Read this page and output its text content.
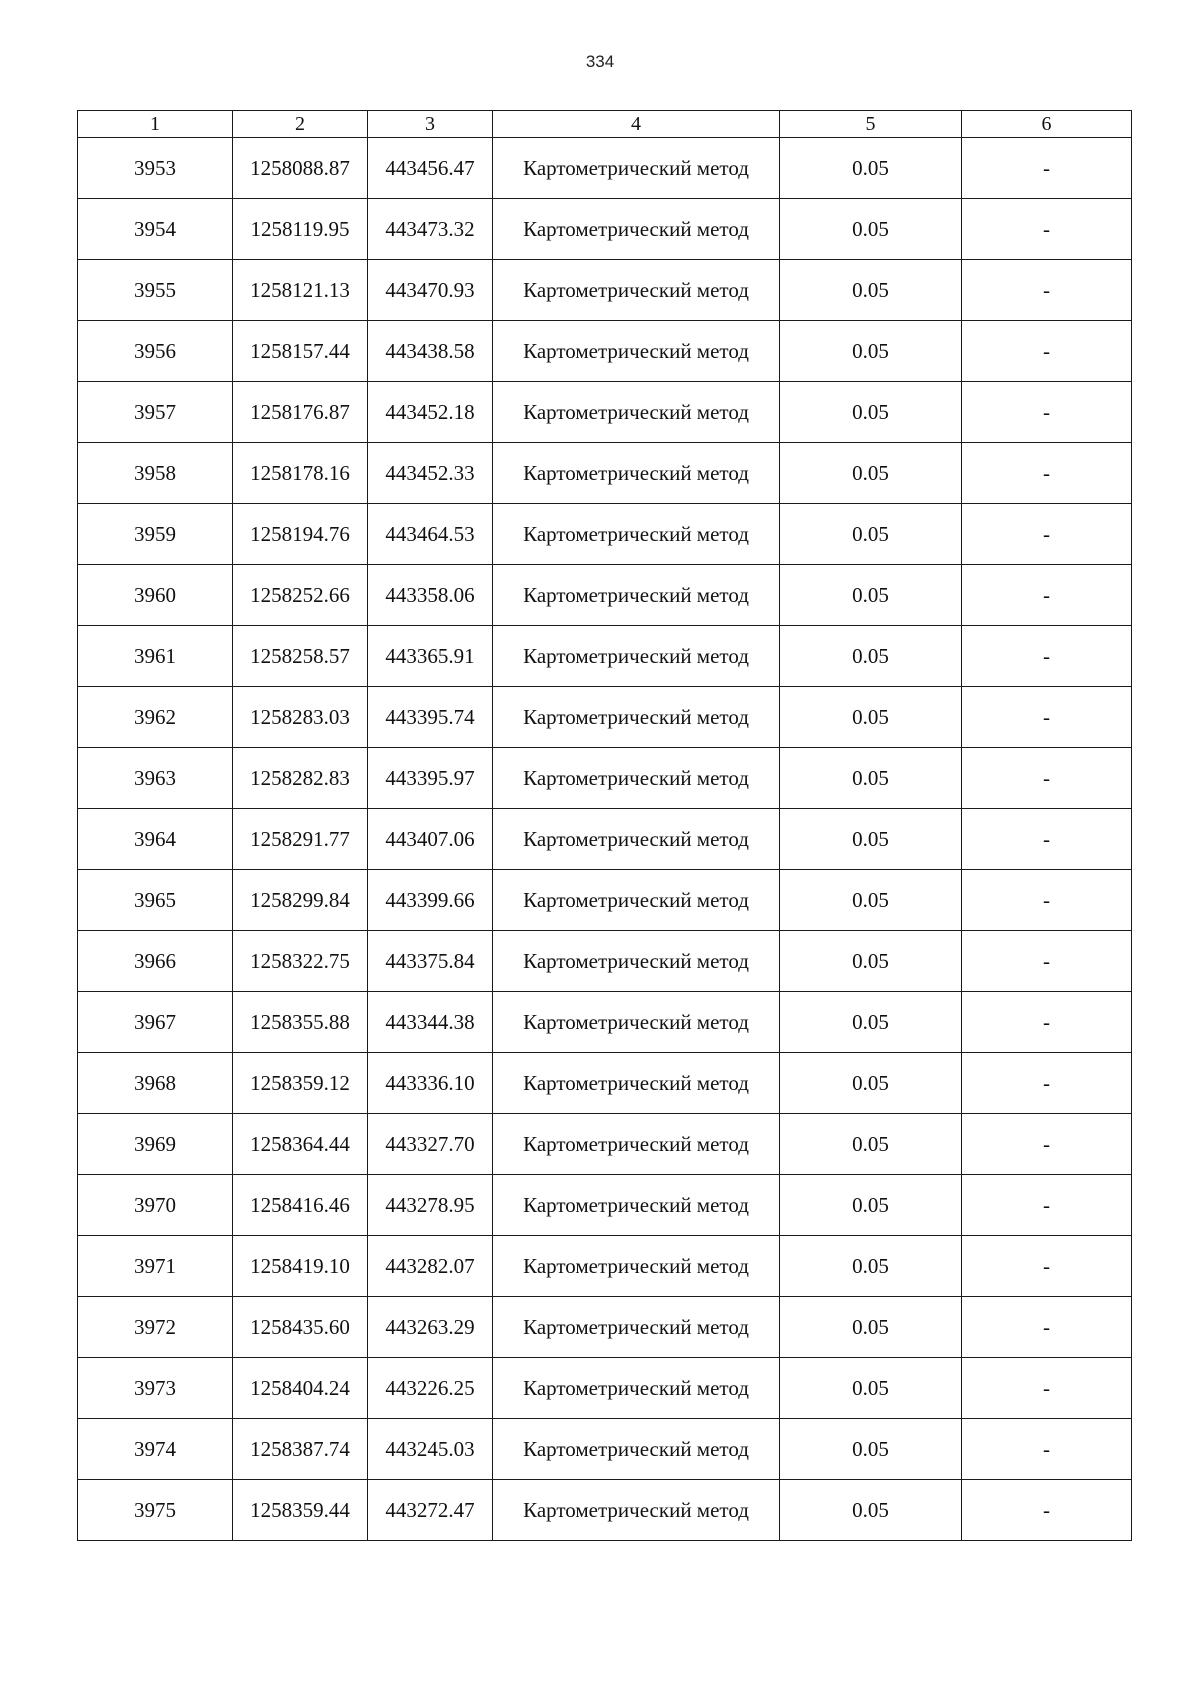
334
1	2	3	4	5	6
3953	1258088.87	443456.47	Картометрический метод	0.05	-
3954	1258119.95	443473.32	Картометрический метод	0.05	-
3955	1258121.13	443470.93	Картометрический метод	0.05	-
3956	1258157.44	443438.58	Картометрический метод	0.05	-
3957	1258176.87	443452.18	Картометрический метод	0.05	-
3958	1258178.16	443452.33	Картометрический метод	0.05	-
3959	1258194.76	443464.53	Картометрический метод	0.05	-
3960	1258252.66	443358.06	Картометрический метод	0.05	-
3961	1258258.57	443365.91	Картометрический метод	0.05	-
3962	1258283.03	443395.74	Картометрический метод	0.05	-
3963	1258282.83	443395.97	Картометрический метод	0.05	-
3964	1258291.77	443407.06	Картометрический метод	0.05	-
3965	1258299.84	443399.66	Картометрический метод	0.05	-
3966	1258322.75	443375.84	Картометрический метод	0.05	-
3967	1258355.88	443344.38	Картометрический метод	0.05	-
3968	1258359.12	443336.10	Картометрический метод	0.05	-
3969	1258364.44	443327.70	Картометрический метод	0.05	-
3970	1258416.46	443278.95	Картометрический метод	0.05	-
3971	1258419.10	443282.07	Картометрический метод	0.05	-
3972	1258435.60	443263.29	Картометрический метод	0.05	-
3973	1258404.24	443226.25	Картометрический метод	0.05	-
3974	1258387.74	443245.03	Картометрический метод	0.05	-
3975	1258359.44	443272.47	Картометрический метод	0.05	-
